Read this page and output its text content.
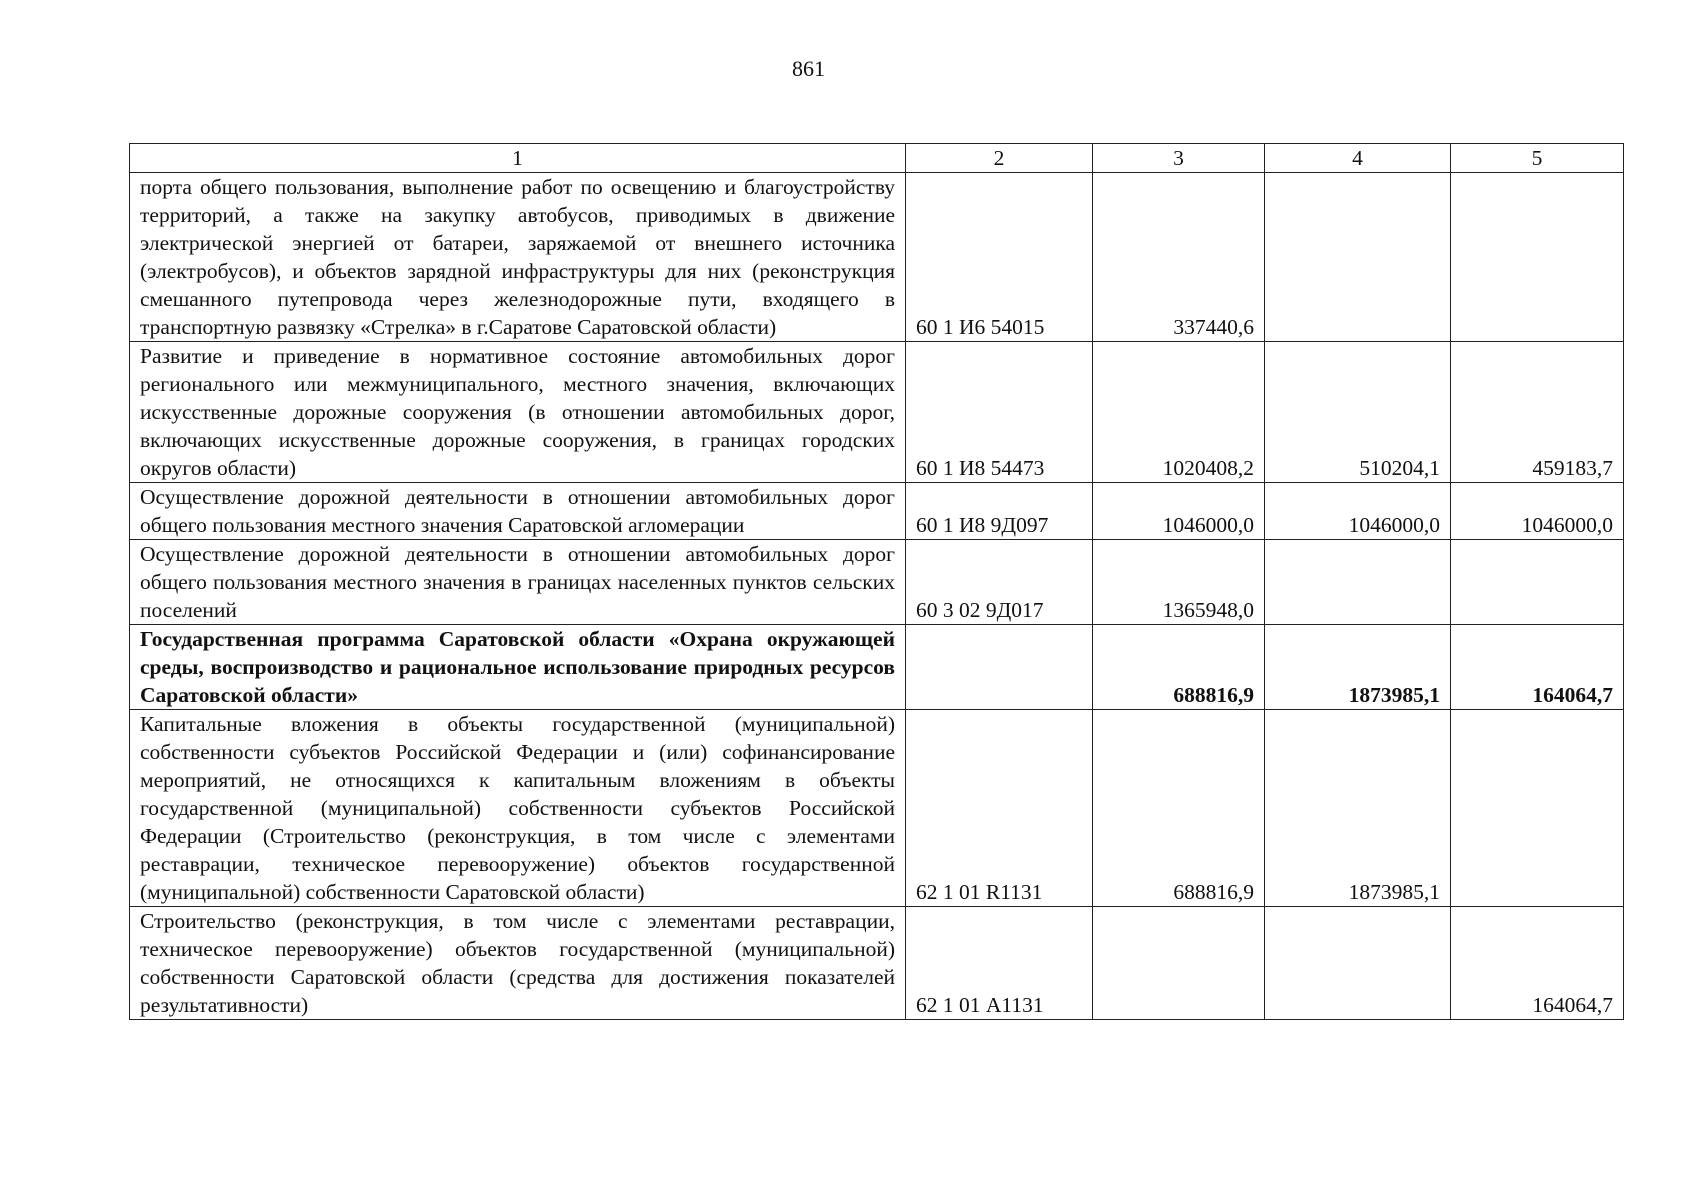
861
1	2	3	4	5
порта общего пользования, выполнение работ по освещению и благоустройству территорий, а также на закупку автобусов, приводимых в движение электрической энергией от батареи, заряжаемой от внешнего источника (электробусов), и объектов зарядной инфраструктуры для них (реконструкция смешанного путепровода через железнодорожные пути, входящего в транспортную развязку «Стрелка» в г.Саратове Саратовской области)	60 1 И6 54015	337440,6		
Развитие и приведение в нормативное состояние автомобильных дорог регионального или межмуниципального, местного значения, включающих искусственные дорожные сооружения (в отношении автомобильных дорог, включающих искусственные дорожные сооружения, в границах городских округов области)	60 1 И8 54473	1020408,2	510204,1	459183,7
Осуществление дорожной деятельности в отношении автомобильных дорог общего пользования местного значения Саратовской агломерации	60 1 И8 9Д097	1046000,0	1046000,0	1046000,0
Осуществление дорожной деятельности в отношении автомобильных дорог общего пользования местного значения в границах населенных пунктов сельских поселений	60 3 02 9Д017	1365948,0		
Государственная программа Саратовской области «Охрана окружающей среды, воспроизводство и рациональное использование природных ресурсов Саратовской области»		688816,9	1873985,1	164064,7
Капитальные вложения в объекты государственной (муниципальной) собственности субъектов Российской Федерации и (или) софинансирование мероприятий, не относящихся к капитальным вложениям в объекты государственной (муниципальной) собственности субъектов Российской Федерации (Строительство (реконструкция, в том числе с элементами реставрации, техническое перевооружение) объектов государственной (муниципальной) собственности Саратовской области)	62 1 01 R1131	688816,9	1873985,1	
Строительство (реконструкция, в том числе с элементами реставрации, техническое перевооружение) объектов государственной (муниципальной) собственности Саратовской области (средства для достижения показателей результативности)	62 1 01 А1131			164064,7
